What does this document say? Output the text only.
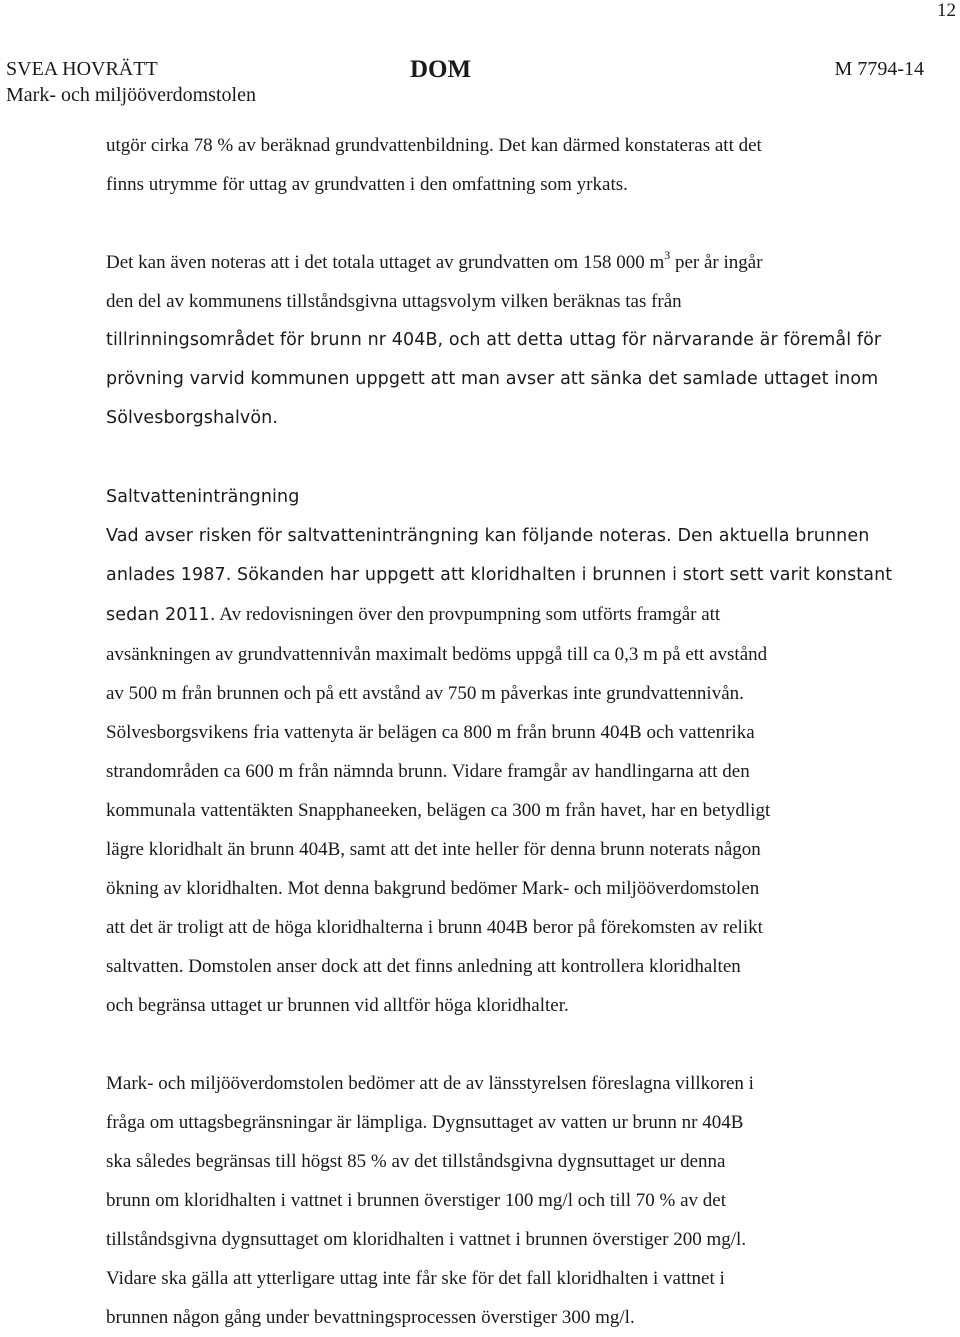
12
SVEA HOVRÄTT
Mark- och miljööverdomstolen
DOM	M 7794-14

utgör cirka 78 % av beräknad grundvattenbildning. Det kan därmed konstateras att det
finns utrymme för uttag av grundvatten i den omfattning som yrkats.

Det kan även noteras att i det totala uttaget av grundvatten om 158 000 $m^3$ per år ingår
den del av kommunens tillståndsgivna uttagsvolym vilken beräknas tas från
tillrinningsområdet för brunn nr 404B, och att detta uttag för närvarande är föremål för
prövning varvid kommunen uppgett att man avser att sänka det samlade uttaget inom
Sölvesborgshalvön.

Saltvatteninträngning
Vad avser risken för saltvatteninträngning kan följande noteras. Den aktuella brunnen
anlades 1987. Sökanden har uppgett att kloridhalten i brunnen i stort sett varit konstant
sedan 2011. Av redovisningen över den provpumpning som utförts framgår att
avsänkningen av grundvattennivån maximalt bedöms uppgå till ca 0,3 m på ett avstånd
av 500 m från brunnen och på ett avstånd av 750 m påverkas inte grundvattennivån.
Sölvesborgsvikens fria vattenyta är belägen ca 800 m från brunn 404B och vattenrika
strandområden ca 600 m från nämnda brunn. Vidare framgår av handlingarna att den
kommunala vattentäkten Snapphaneeken, belägen ca 300 m från havet, har en betydligt
lägre kloridhalt än brunn 404B, samt att det inte heller för denna brunn noterats någon
ökning av kloridhalten. Mot denna bakgrund bedömer Mark- och miljööverdomstolen
att det är troligt att de höga kloridhalterna i brunn 404B beror på förekomsten av relikt
saltvatten. Domstolen anser dock att det finns anledning att kontrollera kloridhalten
och begränsa uttaget ur brunnen vid alltför höga kloridhalter.

Mark- och miljööverdomstolen bedömer att de av länsstyrelsen föreslagna villkoren i
fråga om uttagsbegränsningar är lämpliga. Dygnsuttaget av vatten ur brunn nr 404B
ska således begränsas till högst 85 % av det tillståndsgivna dygnsuttaget ur denna
brunn om kloridhalten i vattnet i brunnen överstiger 100 mg/l och till 70 % av det
tillståndsgivna dygnsuttaget om kloridhalten i vattnet i brunnen överstiger 200 mg/l.
Vidare ska gälla att ytterligare uttag inte får ske för det fall kloridhalten i vattnet i
brunnen någon gång under bevattningsprocessen överstiger 300 mg/l.
